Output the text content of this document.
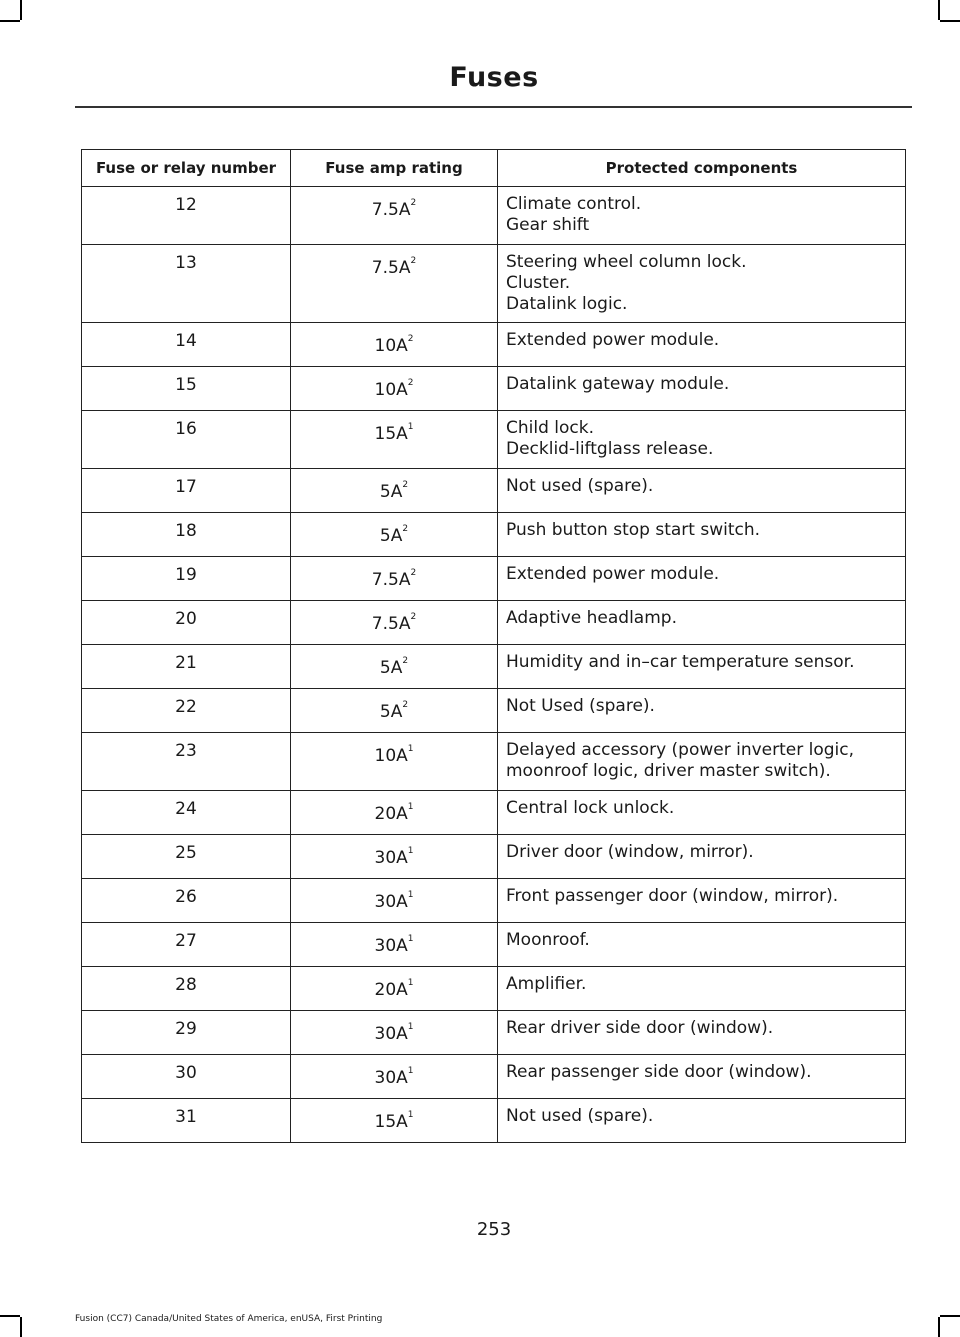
Fuses
Fuse or relay number	Fuse amp rating	Protected components
12	$7.5A^2$	Climate control.
Gear shift

13	$7.5A^2$	Steering wheel column lock.
Cluster.
Datalink logic.

14	$10A^2$	Extended power module.

15	$10A^2$	Datalink gateway module.

16	$15A^1$	Child lock.
Decklid-liftglass release.

17	$5A^2$	Not used (spare).

18	$5A^2$	Push button stop start switch.

19	$7.5A^2$	Extended power module.

20	$7.5A^2$	Adaptive headlamp.

21	$5A^2$	Humidity and in–car temperature sensor.

22	$5A^2$	Not Used (spare).

23	$10A^1$	Delayed accessory (power inverter logic,
moonroof logic, driver master switch).

24	$20A^1$	Central lock unlock.

25	$30A^1$	Driver door (window, mirror).

26	$30A^1$	Front passenger door (window, mirror).

27	$30A^1$	Moonroof.

28	$20A^1$	Amplifier.

29	$30A^1$	Rear driver side door (window).

30	$30A^1$	Rear passenger side door (window).

31	$15A^1$	Not used (spare).
253
Fusion (CC7) Canada/United States of America, enUSA, First Printing
